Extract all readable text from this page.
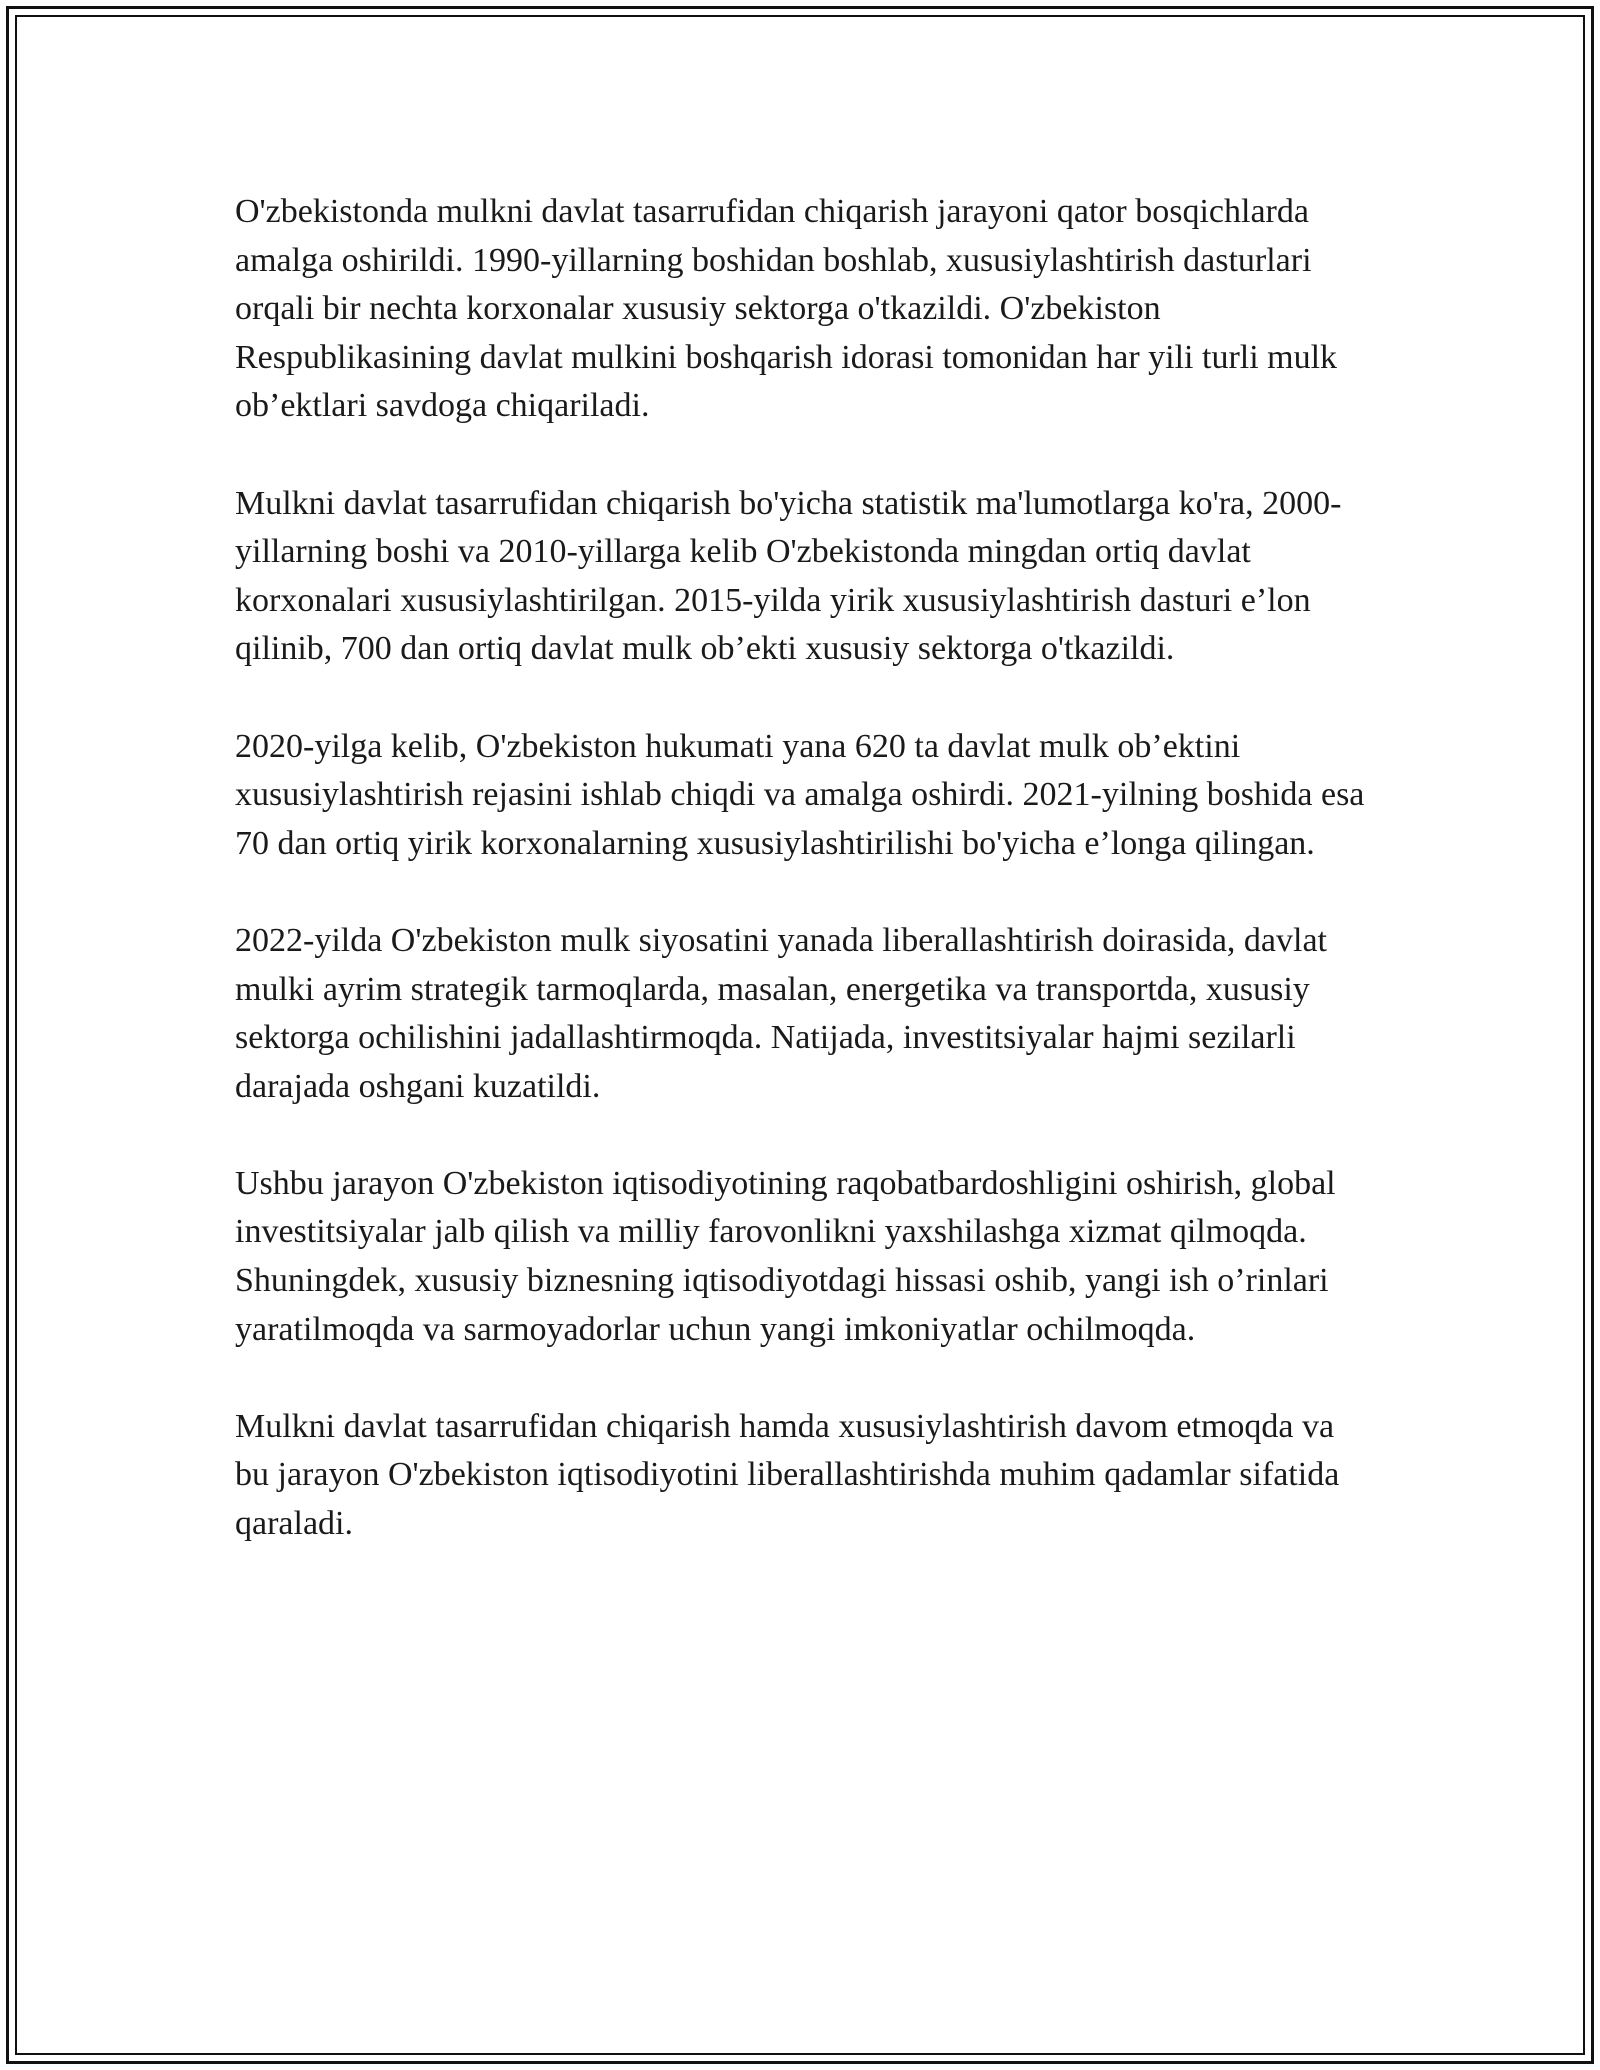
O'zbekistonda mulkni davlat tasarrufidan chiqarish jarayoni qator bosqichlarda amalga oshirildi. 1990-yillarning boshidan boshlab, xususiylashtirish dasturlari orqali bir nechta korxonalar xususiy sektorga o'tkazildi. O'zbekiston Respublikasining davlat mulkini boshqarish idorasi tomonidan har yili turli mulk ob’ektlari savdoga chiqariladi.

Mulkni davlat tasarrufidan chiqarish bo'yicha statistik ma'lumotlarga ko'ra, 2000-yillarning boshi va 2010-yillarga kelib O'zbekistonda mingdan ortiq davlat korxonalari xususiylashtirilgan. 2015-yilda yirik xususiylashtirish dasturi e’lon qilinib, 700 dan ortiq davlat mulk ob’ekti xususiy sektorga o'tkazildi.

2020-yilga kelib, O'zbekiston hukumati yana 620 ta davlat mulk ob’ektini xususiylashtirish rejasini ishlab chiqdi va amalga oshirdi. 2021-yilning boshida esa 70 dan ortiq yirik korxonalarning xususiylashtirilishi bo'yicha e’longa qilingan.

2022-yilda O'zbekiston mulk siyosatini yanada liberallashtirish doirasida, davlat mulki ayrim strategik tarmoqlarda, masalan, energetika va transportda, xususiy sektorga ochilishini jadallashtirmoqda. Natijada, investitsiyalar hajmi sezilarli darajada oshgani kuzatildi.

Ushbu jarayon O'zbekiston iqtisodiyotining raqobatbardoshligini oshirish, global investitsiyalar jalb qilish va milliy farovonlikni yaxshilashga xizmat qilmoqda. Shuningdek, xususiy biznesning iqtisodiyotdagi hissasi oshib, yangi ish o’rinlari yaratilmoqda va sarmoyadorlar uchun yangi imkoniyatlar ochilmoqda.

Mulkni davlat tasarrufidan chiqarish hamda xususiylashtirish davom etmoqda va bu jarayon O'zbekiston iqtisodiyotini liberallashtirishda muhim qadamlar sifatida qaraladi.
